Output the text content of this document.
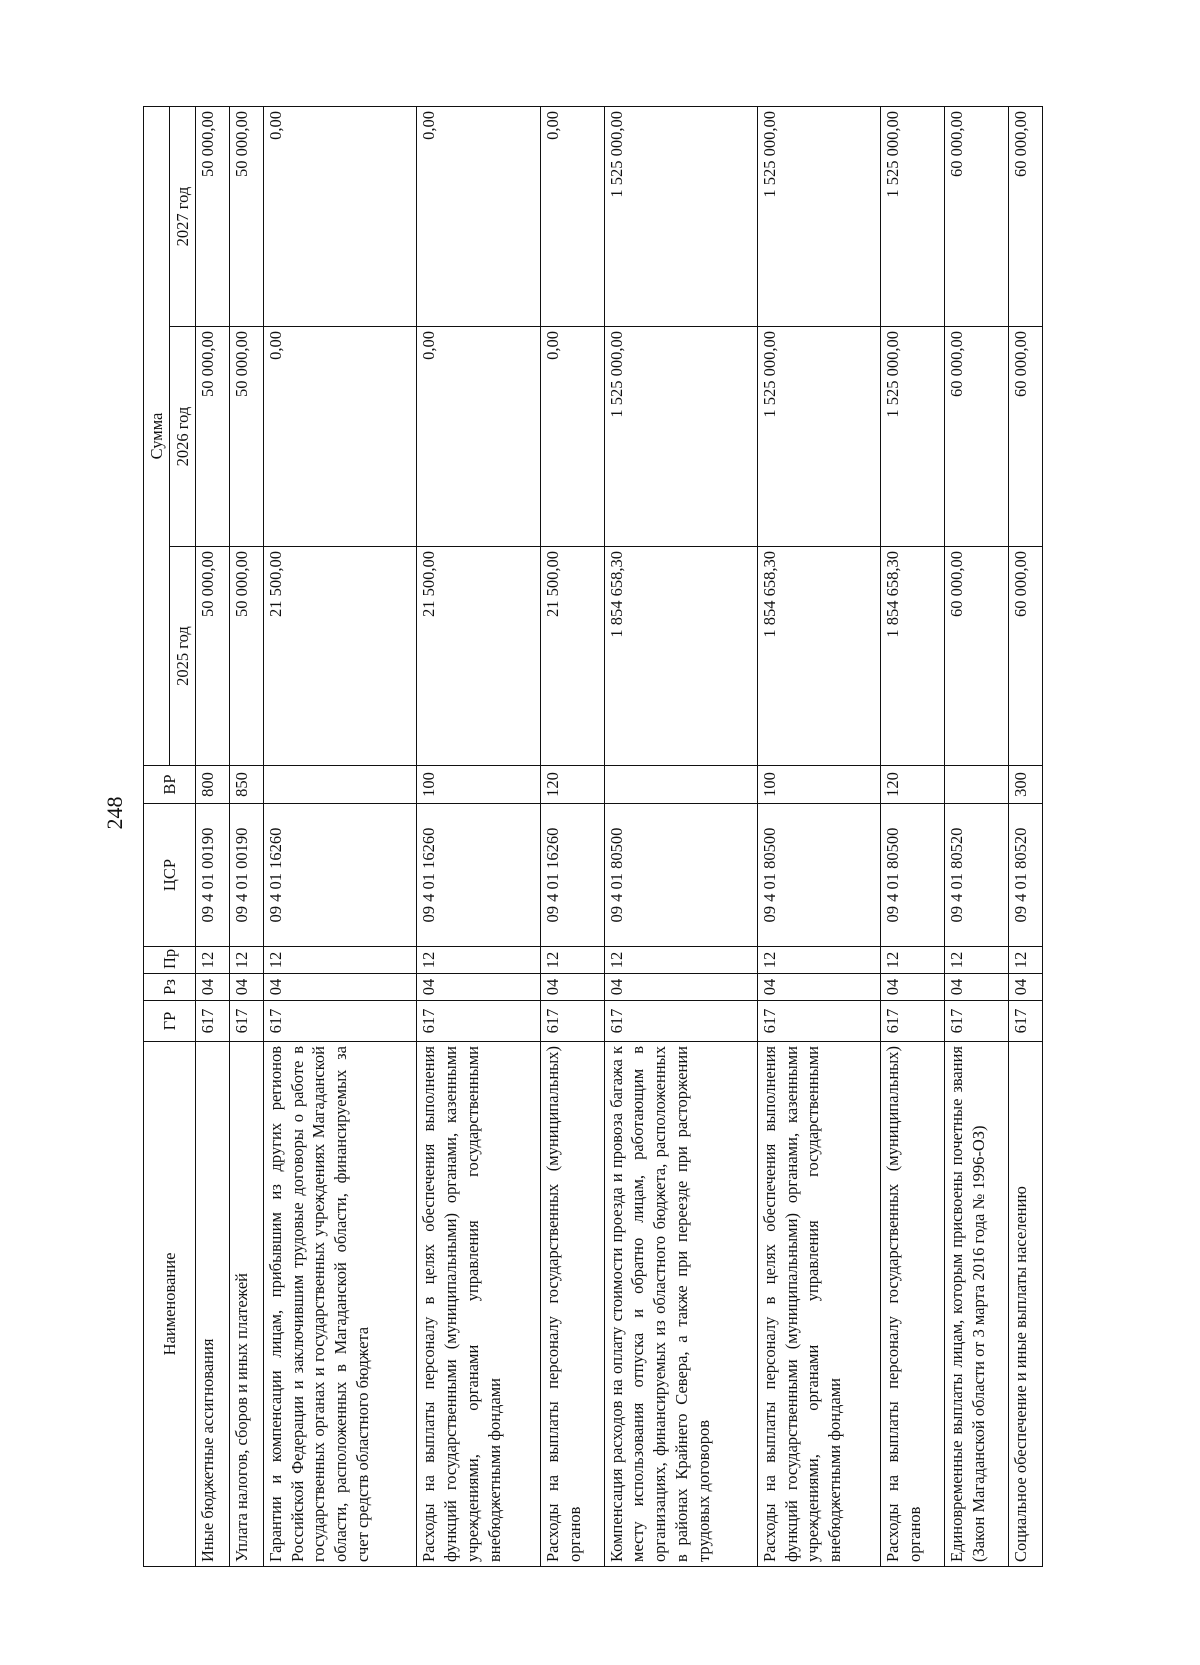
248
Наименование	ГР	Рз	Пр	ЦСР	ВР	Сумма		
						2025 год	2026 год	2027 год
Иные бюджетные ассигнования	617	04	12	09 4 01 00190	800	50 000,00	50 000,00	50 000,00
Уплата налогов, сборов и иных платежей	617	04	12	09 4 01 00190	850	50 000,00	50 000,00	50 000,00
Гарантии и компенсации лицам, прибывшим из других регионов Российской Федерации и заключившим трудовые договоры о работе в государственных органах и государственных учреждениях Магаданской области, расположенных в Магаданской области, финансируемых за счет средств областного бюджета	617	04	12	09 4 01 16260		21 500,00	0,00	0,00
Расходы на выплаты персоналу в целях обеспечения выполнения функций государственными (муниципальными) органами, казенными учреждениями, органами управления государственными внебюджетными фондами	617	04	12	09 4 01 16260	100	21 500,00	0,00	0,00
Расходы на выплаты персоналу государственных (муниципальных) органов	617	04	12	09 4 01 16260	120	21 500,00	0,00	0,00
Компенсация расходов на оплату стоимости проезда и провоза багажа к месту использования отпуска и обратно лицам, работающим в организациях, финансируемых из областного бюджета, расположенных в районах Крайнего Севера, а также при переезде при расторжении трудовых договоров	617	04	12	09 4 01 80500		1 854 658,30	1 525 000,00	1 525 000,00
Расходы на выплаты персоналу в целях обеспечения выполнения функций государственными (муниципальными) органами, казенными учреждениями, органами управления государственными внебюджетными фондами	617	04	12	09 4 01 80500	100	1 854 658,30	1 525 000,00	1 525 000,00
Расходы на выплаты персоналу государственных (муниципальных) органов	617	04	12	09 4 01 80500	120	1 854 658,30	1 525 000,00	1 525 000,00
Единовременные выплаты лицам, которым присвоены почетные звания (Закон Магаданской области от 3 марта 2016 года № 1996-ОЗ)	617	04	12	09 4 01 80520		60 000,00	60 000,00	60 000,00
Социальное обеспечение и иные выплаты населению	617	04	12	09 4 01 80520	300	60 000,00	60 000,00	60 000,00
